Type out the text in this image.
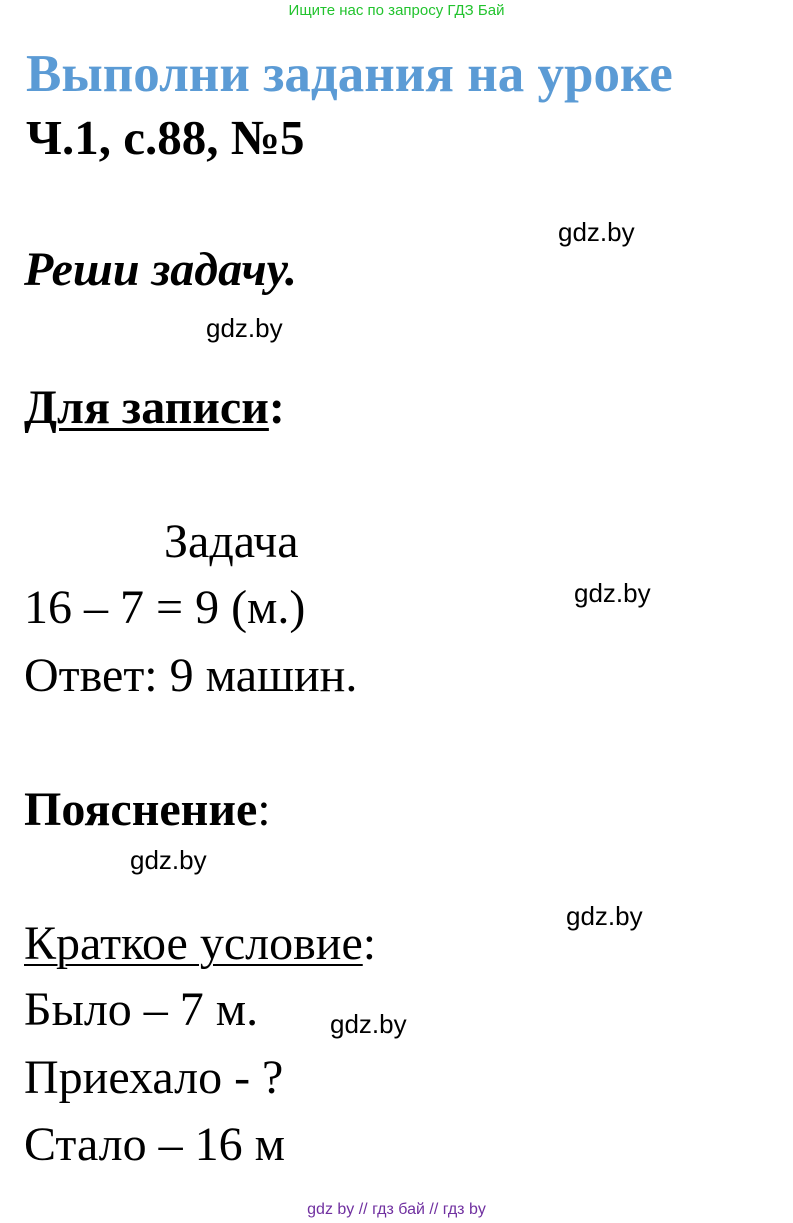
Ищите нас по запросу ГДЗ Бай
Выполни задания на уроке
Ч.1, с.88, №5
Реши задачу.
Для записи:
Задача
16 – 7 = 9 (м.)
Ответ: 9 машин.
Пояснение:
Краткое условие:
Было – 7 м.
Приехало - ?
Стало – 16 м
gdz.by
gdz.by
gdz.by
gdz.by
gdz.by
gdz.by
gdz by // гдз бай // гдз by
